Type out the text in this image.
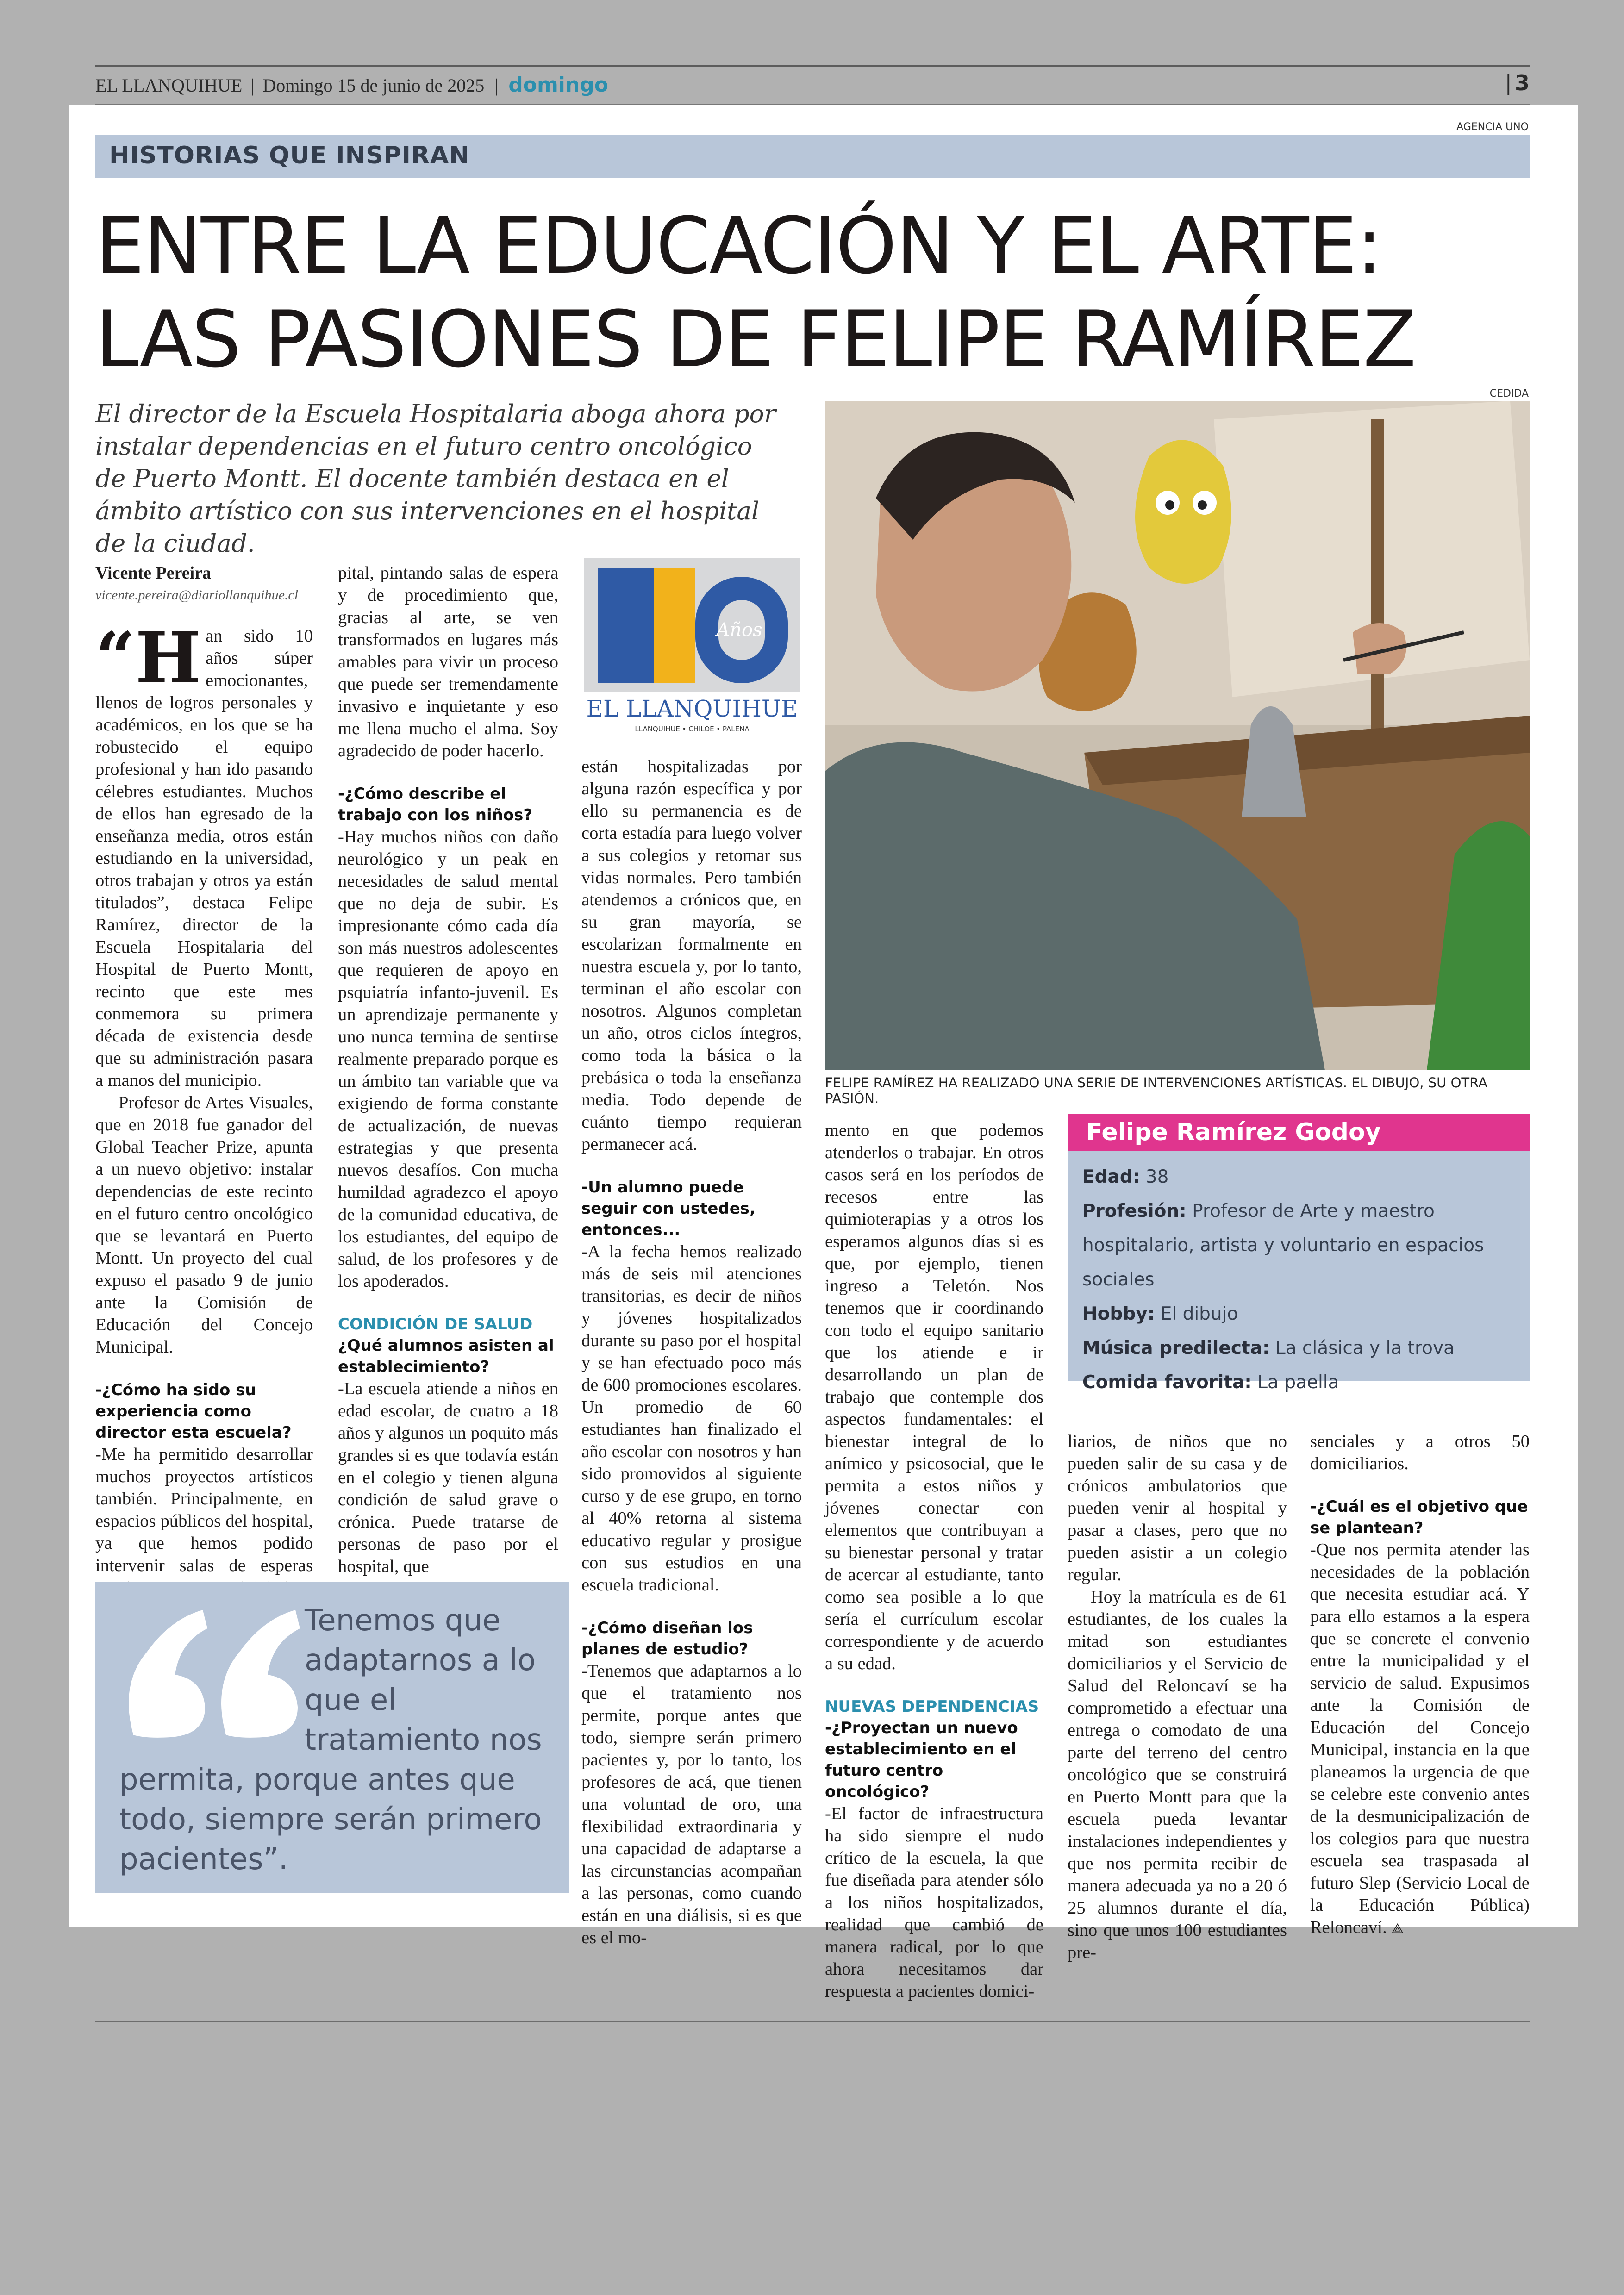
EL LLANQUIHUE | Domingo 15 de junio de 2025 | domingo	| 3
AGENCIA UNO
HISTORIAS QUE INSPIRAN
ENTRE LA EDUCACIÓN Y EL ARTE:
LAS PASIONES DE FELIPE RAMÍREZ
El director de la Escuela Hospitalaria aboga ahora por instalar dependencias en el futuro centro oncológico de Puerto Montt. El docente también destaca en el ámbito artístico con sus intervenciones en el hospital de la ciudad.
CEDIDA
FELIPE RAMÍREZ HA REALIZADO UNA SERIE DE INTERVENCIONES ARTÍSTICAS. EL DIBUJO, SU OTRA PASIÓN.
Años
EL LLANQUIHUE
LLANQUIHUE • CHILOÉ • PALENA

Vicente Pereira

vicente.pereira@diariollanquihue.cl

“H an sido 10 años súper emocionantes, llenos de logros personales y académicos, en los que se ha robustecido el equipo profesional y han ido pasando célebres estudiantes. Muchos de ellos han egresado de la enseñanza media, otros están estudiando en la universidad, otros trabajan y otros ya están titulados”, destaca Felipe Ramírez, director de la Escuela Hospitalaria del Hospital de Puerto Montt, recinto que este mes conmemora su primera década de existencia desde que su administración pasara a manos del municipio.

Profesor de Artes Visuales, que en 2018 fue ganador del Global Teacher Prize, apunta a un nuevo objetivo: instalar dependencias de este recinto en el futuro centro oncológico que se levantará en Puerto Montt. Un proyecto del cual expuso el pasado 9 de junio ante la Comisión de Educación del Concejo Municipal.

-¿Cómo ha sido su experiencia como director esta escuela?

-Me ha permitido desarrollar muchos proyectos artísticos también. Principalmente, en espacios públicos del hospital, ya que hemos podido intervenir salas de esperas

pital, pintando salas de espera y de procedimiento que, gracias al arte, se ven transformados en lugares más amables para vivir un proceso que puede ser tremendamente invasivo e inquietante y eso me llena mucho el alma. Soy agradecido de poder hacerlo.

-¿Cómo describe el trabajo con los niños?

-Hay muchos niños con daño neurológico y un peak en necesidades de salud mental que no deja de subir. Es impresionante cómo cada día son más nuestros adolescentes que requieren de apoyo en psquiatría infanto-juvenil. Es un aprendizaje permanente y uno nunca termina de sentirse realmente preparado porque es un ámbito tan variable que va exigiendo de forma constante de actualización, de nuevas estrategias y que presenta nuevos desafíos. Con mucha humildad agradezco el apoyo de la comunidad educativa, de los estudiantes, del equipo de salud, de los profesores y de los apoderados.

CONDICIÓN DE SALUD

¿Qué alumnos asisten al establecimiento?

-La escuela atiende a niños en edad escolar, de cuatro a 18 años y algunos un poquito más grandes si es que todavía están en el colegio y tienen alguna condición de salud grave o crónica. Puede tratarse de personas de paso por el hospital, que

están hospitalizadas por alguna razón específica y por ello su permanencia es de corta estadía para luego volver a sus colegios y retomar sus vidas normales. Pero también atendemos a crónicos que, en su gran mayoría, se escolarizan formalmente en nuestra escuela y, por lo tanto, terminan el año escolar con nosotros. Algunos completan un año, otros ciclos íntegros, como toda la básica o la prebásica o toda la enseñanza media. Todo depende de cuánto tiempo requieran permanecer acá.

-Un alumno puede seguir con ustedes, entonces...

-A la fecha hemos realizado más de seis mil atenciones transitorias, es decir de niños y jóvenes hospitalizados durante su paso por el hospital y se han efectuado poco más de 600 promociones escolares. Un promedio de 60 estudiantes han finalizado el año escolar con nosotros y han sido promovidos al siguiente curso y de ese grupo, en torno al 40% retorna al sistema educativo regular y prosigue con sus estudios en una escuela tradicional.

-¿Cómo diseñan los planes de estudio?

-Tenemos que adaptarnos a lo que el tratamiento nos permite, porque antes que todo, siempre serán primero pacientes y, por lo tanto, los profesores de acá, que tienen una voluntad de oro, una flexibilidad extraordinaria y una capacidad de adaptarse a las circunstancias acompañan a las personas, como cuando están en una diálisis, si es que es el mo-

mento en que podemos atenderlos o trabajar. En otros casos será en los períodos de recesos entre las quimioterapias y a otros los esperamos algunos días si es que, por ejemplo, tienen ingreso a Teletón. Nos tenemos que ir coordinando con todo el equipo sanitario que los atiende e ir desarrollando un plan de trabajo que contemple dos aspectos fundamentales: el bienestar integral de lo anímico y psicosocial, que le permita a estos niños y jóvenes conectar con elementos que contribuyan a su bienestar personal y tratar de acercar al estudiante, tanto como sea posible a lo que sería el currículum escolar correspondiente y de acuerdo a su edad.

NUEVAS DEPENDENCIAS

-¿Proyectan un nuevo establecimiento en el futuro centro oncológico?

-El factor de infraestructura ha sido siempre el nudo crítico de la escuela, la que fue diseñada para atender sólo a los niños hospitalizados, realidad que cambió de manera radical, por lo que ahora necesitamos dar respuesta a pacientes domici-

liarios, de niños que no pueden salir de su casa y de crónicos ambulatorios que pueden venir al hospital y pasar a clases, pero que no pueden asistir a un colegio regular.

Hoy la matrícula es de 61 estudiantes, de los cuales la mitad son estudiantes domiciliarios y el Servicio de Salud del Reloncaví se ha comprometido a efectuar una entrega o comodato de una parte del terreno del centro oncológico que se construirá en Puerto Montt para que la escuela pueda levantar instalaciones independientes y que nos permita recibir de manera adecuada ya no a 20 ó 25 alumnos durante el día, sino que unos 100 estudiantes pre-

senciales y a otros 50 domiciliarios.

-¿Cuál es el objetivo que se plantean?

-Que nos permita atender las necesidades de la población que necesita estudiar acá. Y para ello estamos a la espera que se concrete el convenio entre la municipalidad y el servicio de salud. Expusimos ante la Comisión de Educación del Concejo Municipal, instancia en la que planeamos la urgencia de que se celebre este convenio antes de la desmunicipalización de los colegios para que nuestra escuela sea traspasada al futuro Slep (Servicio Local de la Educación Pública) Reloncaví. ⟁

Felipe Ramírez Godoy
Edad: 38
Profesión: Profesor de Arte y maestro hospitalario, artista y voluntario en espacios sociales
Hobby: El dibujo
Música predilecta: La clásica y la trova
Comida favorita: La paella
Tenemos que adaptarnos a lo que el tratamiento nos permita, porque antes que todo, siempre serán primero pacientes”.
